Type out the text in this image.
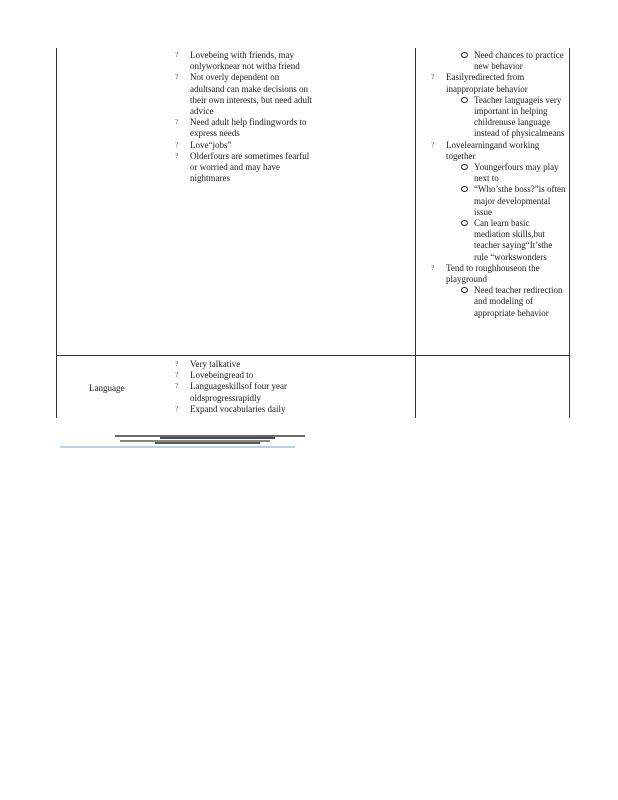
? Lovebeing with friends, may onlyworknear not witha friend
? Not overly dependent on adultsand can make decisions on their own interests, but need adult advice
? Need adult help findingwords to express needs
? Love“jobs”
? Olderfours are sometimes fearful or worried and may have nightmares
Need chances to practice new behavior
? Easilyredirected from inappropriate behavior
Teacher languageis very important in helping childrenuse language instead of physicalmeans
? Lovelearningand working together
Youngerfours may play next to
“Who’sthe boss?”is often major developmental issue
Can learn basic mediation skills,but teacher saying“It’sthe rule “workswonders
? Tend to roughhouseon the playground
Need teacher redirection and modeling of appropriate behavior
Language
? Very talkative
? Lovebeingread to
? Languageskillsof four year oldsprogressrapidly
? Expand vocabularies daily
